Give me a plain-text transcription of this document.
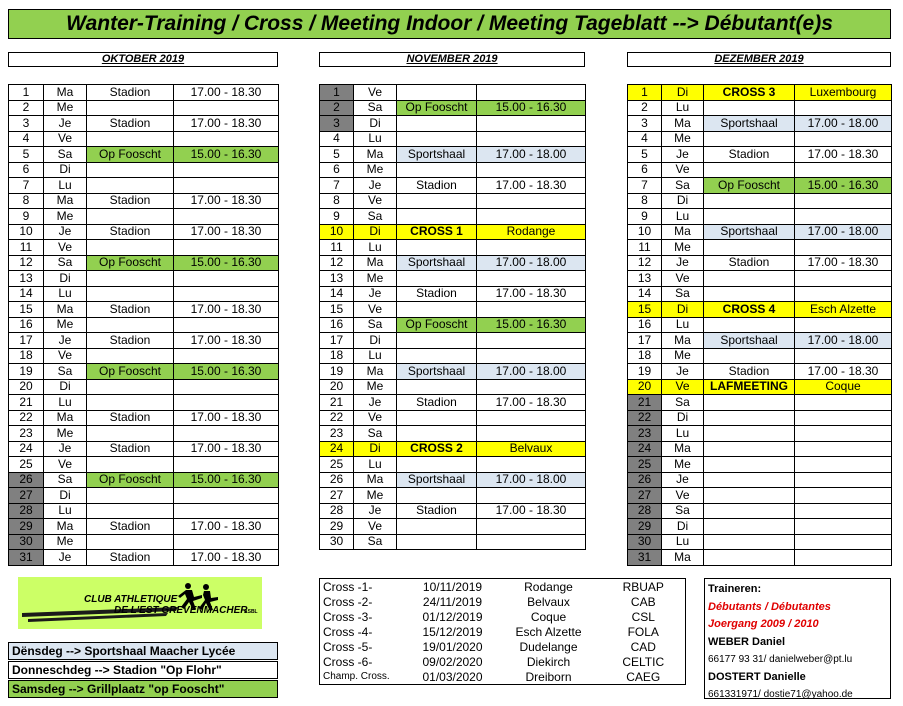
Wanter-Training / Cross / Meeting Indoor / Meeting Tageblatt --> Débutant(e)s
OKTOBER 2019
1	Ma	Stadion	17.00 - 18.30
2	Me		
3	Je	Stadion	17.00 - 18.30
4	Ve		
5	Sa	Op Fooscht	15.00 - 16.30
6	Di		
7	Lu		
8	Ma	Stadion	17.00 - 18.30
9	Me		
10	Je	Stadion	17.00 - 18.30
11	Ve		
12	Sa	Op Fooscht	15.00 - 16.30
13	Di		
14	Lu		
15	Ma	Stadion	17.00 - 18.30
16	Me		
17	Je	Stadion	17.00 - 18.30
18	Ve		
19	Sa	Op Fooscht	15.00 - 16.30
20	Di		
21	Lu		
22	Ma	Stadion	17.00 - 18.30
23	Me		
24	Je	Stadion	17.00 - 18.30
25	Ve		
26	Sa	Op Fooscht	15.00 - 16.30
27	Di		
28	Lu		
29	Ma	Stadion	17.00 - 18.30
30	Me		
31	Je	Stadion	17.00 - 18.30
NOVEMBER 2019
1	Ve		
2	Sa	Op Fooscht	15.00 - 16.30
3	Di		
4	Lu		
5	Ma	Sportshaal	17.00 - 18.00
6	Me		
7	Je	Stadion	17.00 - 18.30
8	Ve		
9	Sa		
10	Di	CROSS 1	Rodange
11	Lu		
12	Ma	Sportshaal	17.00 - 18.00
13	Me		
14	Je	Stadion	17.00 - 18.30
15	Ve		
16	Sa	Op Fooscht	15.00 - 16.30
17	Di		
18	Lu		
19	Ma	Sportshaal	17.00 - 18.00
20	Me		
21	Je	Stadion	17.00 - 18.30
22	Ve		
23	Sa		
24	Di	CROSS 2	Belvaux
25	Lu		
26	Ma	Sportshaal	17.00 - 18.00
27	Me		
28	Je	Stadion	17.00 - 18.30
29	Ve		
30	Sa		
DEZEMBER 2019
1	Di	CROSS 3	Luxembourg
2	Lu		
3	Ma	Sportshaal	17.00 - 18.00
4	Me		
5	Je	Stadion	17.00 - 18.30
6	Ve		
7	Sa	Op Fooscht	15.00 - 16.30
8	Di		
9	Lu		
10	Ma	Sportshaal	17.00 - 18.00
11	Me		
12	Je	Stadion	17.00 - 18.30
13	Ve		
14	Sa		
15	Di	CROSS 4	Esch Alzette
16	Lu		
17	Ma	Sportshaal	17.00 - 18.00
18	Me		
19	Je	Stadion	17.00 - 18.30
20	Ve	LAFMEETING	Coque
21	Sa		
22	Di		
23	Lu		
24	Ma		
25	Me		
26	Je		
27	Ve		
28	Sa		
29	Di		
30	Lu		
31	Ma		
CLUB ATHLETIQUE
DE L'EST GREVENMACHER
ASBL
Dënsdeg --> Sportshaal Maacher Lycée
Donneschdeg --> Stadion "Op Flohr"
Samsdeg --> Grillplaatz "op Fooscht"
Cross -1-	10/11/2019	Rodange	RBUAP
Cross -2-	24/11/2019	Belvaux	CAB
Cross -3-	01/12/2019	Coque	CSL
Cross -4-	15/12/2019	Esch Alzette	FOLA
Cross -5-	19/01/2020	Dudelange	CAD
Cross -6-	09/02/2020	Diekirch	CELTIC
Champ. Cross.	01/03/2020	Dreiborn	CAEG
Traineren:
Débutants / Débutantes
Joergang 2009 / 2010
WEBER Daniel
66177 93 31/ danielweber@pt.lu
DOSTERT Danielle
661331971/ dostie71@yahoo.de
